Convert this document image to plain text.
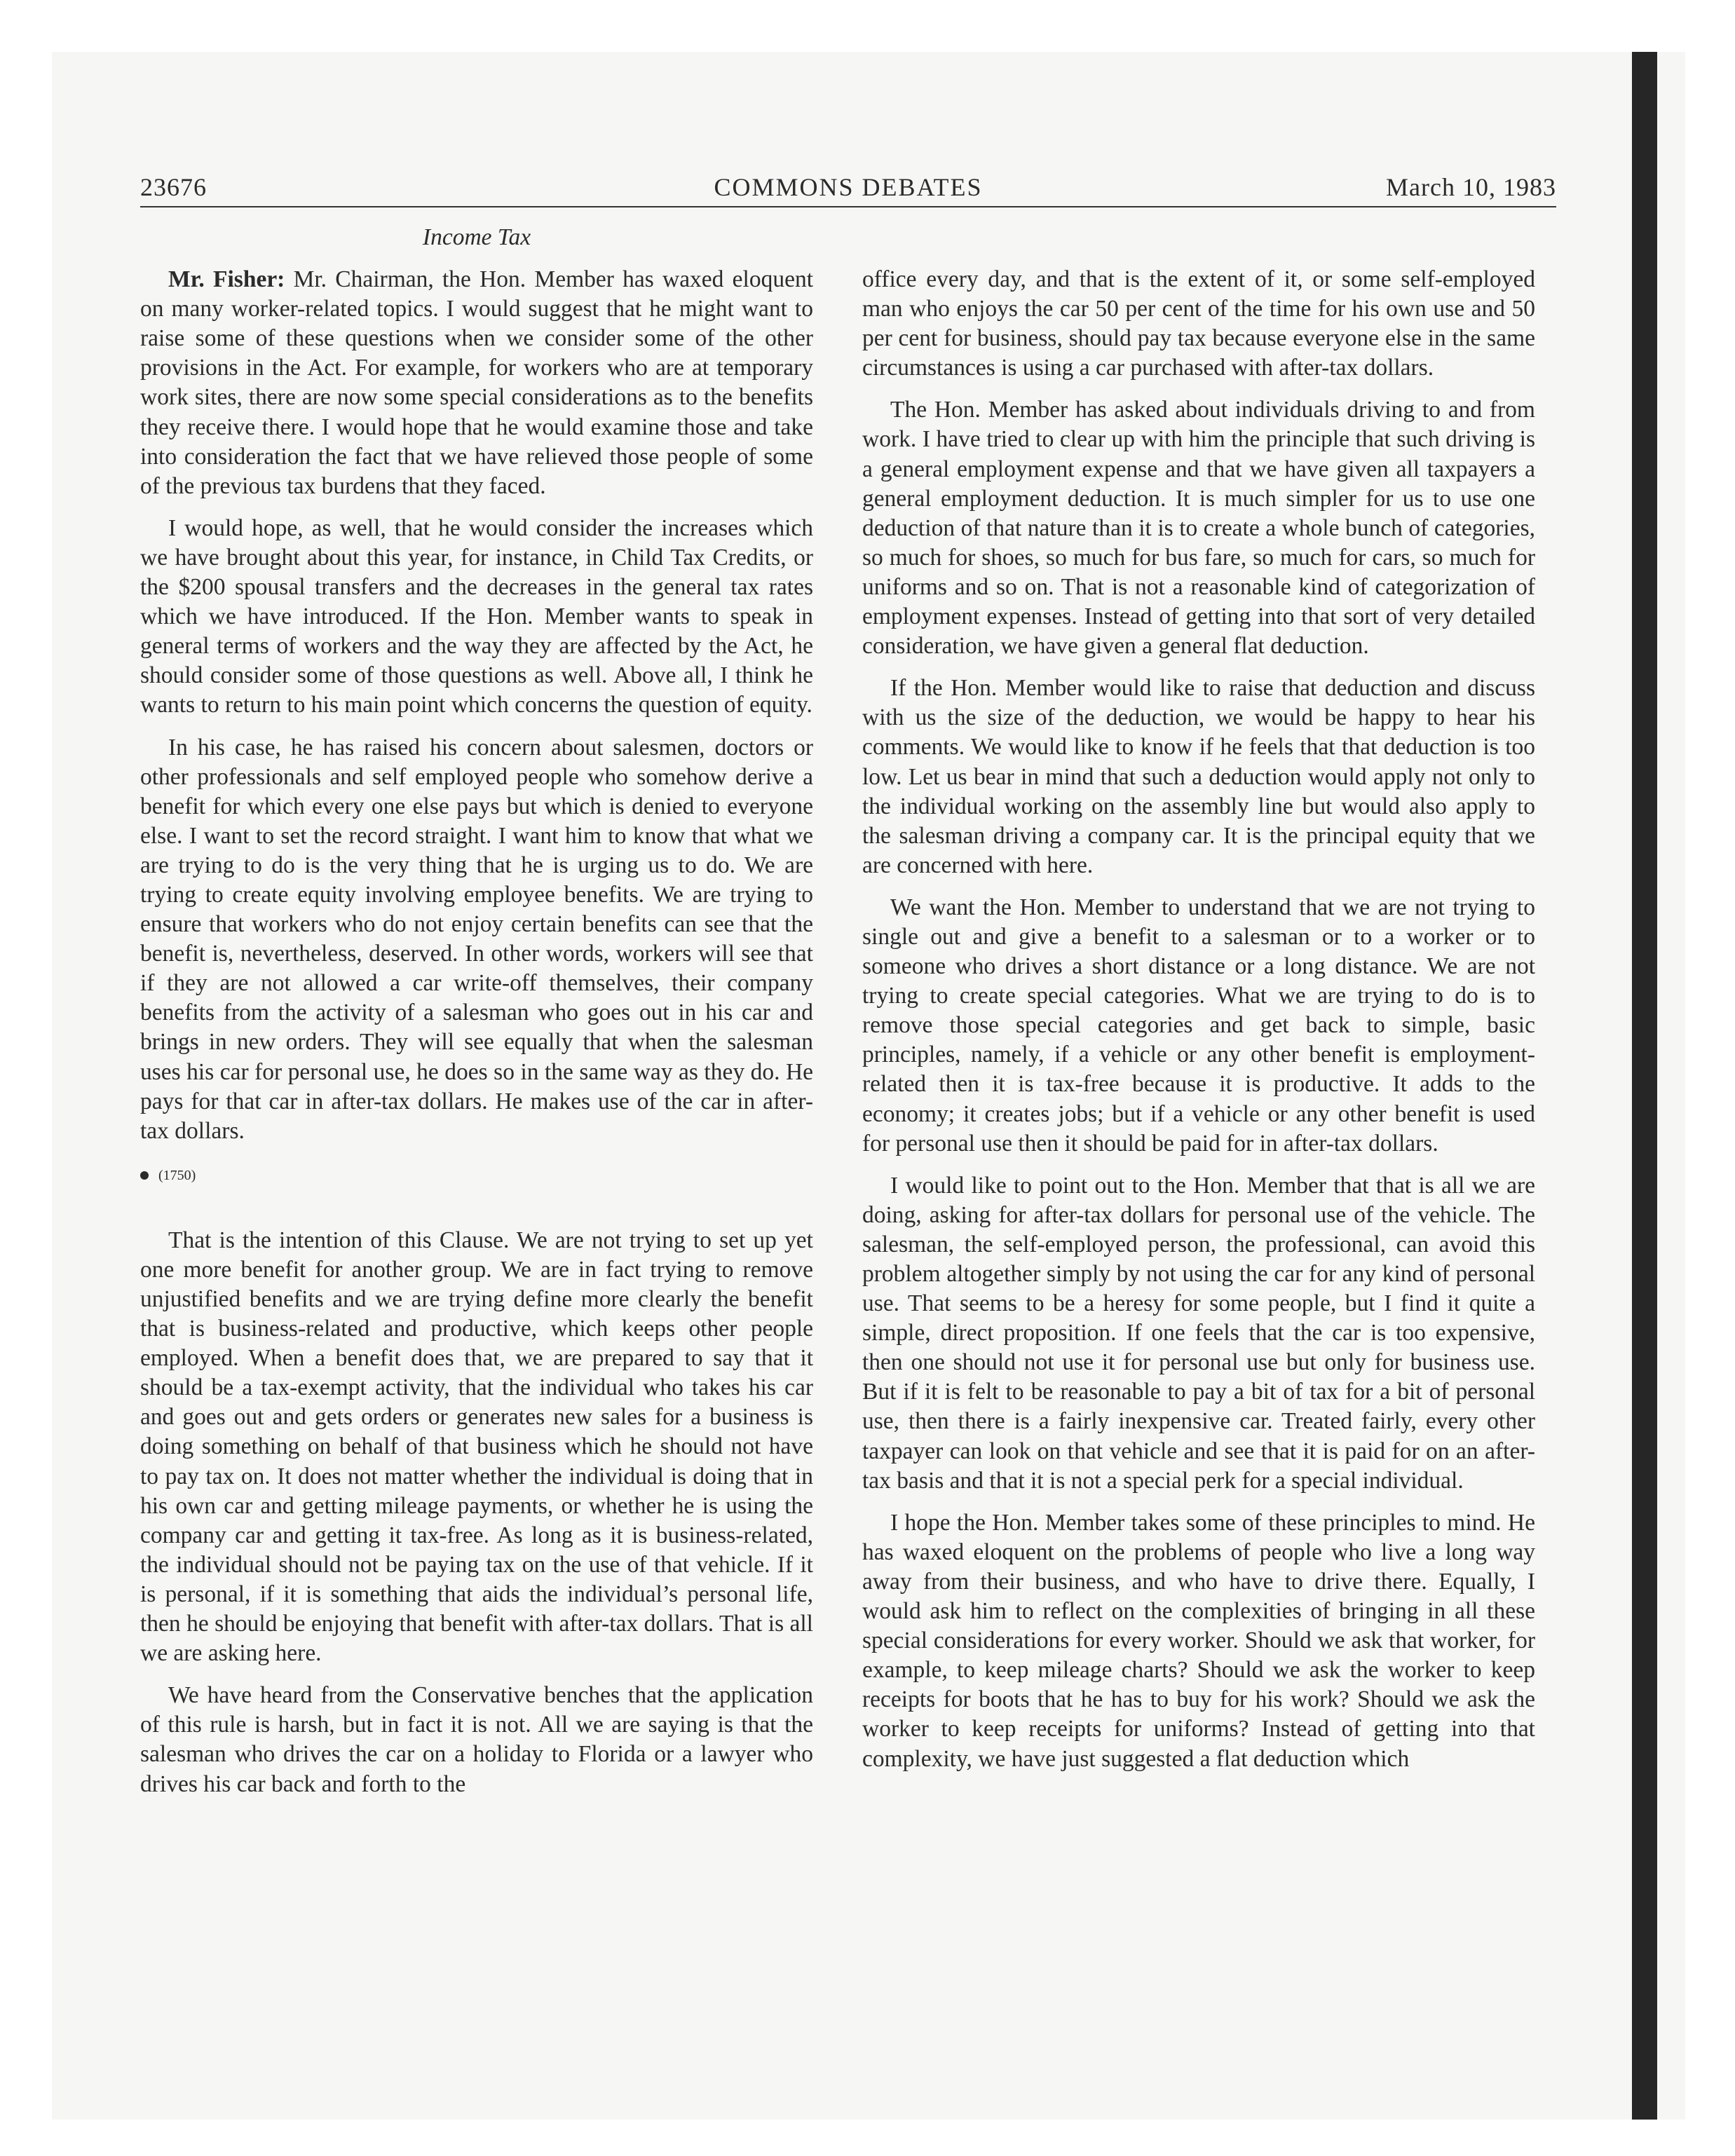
23676	COMMONS DEBATES	March 10, 1983

Income Tax

Mr. Fisher: Mr. Chairman, the Hon. Member has waxed eloquent on many worker-related topics. I would suggest that he might want to raise some of these questions when we consider some of the other provisions in the Act. For example, for workers who are at temporary work sites, there are now some special considerations as to the benefits they receive there. I would hope that he would examine those and take into consideration the fact that we have relieved those people of some of the previous tax burdens that they faced.

I would hope, as well, that he would consider the increases which we have brought about this year, for instance, in Child Tax Credits, or the $200 spousal transfers and the decreases in the general tax rates which we have introduced. If the Hon. Member wants to speak in general terms of workers and the way they are affected by the Act, he should consider some of those questions as well. Above all, I think he wants to return to his main point which concerns the question of equity.

In his case, he has raised his concern about salesmen, doctors or other professionals and self employed people who somehow derive a benefit for which every one else pays but which is denied to everyone else. I want to set the record straight. I want him to know that what we are trying to do is the very thing that he is urging us to do. We are trying to create equity involving employee benefits. We are trying to ensure that workers who do not enjoy certain benefits can see that the benefit is, nevertheless, deserved. In other words, workers will see that if they are not allowed a car write-off themselves, their company benefits from the activity of a salesman who goes out in his car and brings in new orders. They will see equally that when the salesman uses his car for personal use, he does so in the same way as they do. He pays for that car in after-tax dollars. He makes use of the car in after-tax dollars.

(1750)

That is the intention of this Clause. We are not trying to set up yet one more benefit for another group. We are in fact trying to remove unjustified benefits and we are trying define more clearly the benefit that is business-related and productive, which keeps other people employed. When a benefit does that, we are prepared to say that it should be a tax-exempt activity, that the individual who takes his car and goes out and gets orders or generates new sales for a business is doing something on behalf of that business which he should not have to pay tax on. It does not matter whether the individual is doing that in his own car and getting mileage payments, or whether he is using the company car and getting it tax-free. As long as it is business-related, the individual should not be paying tax on the use of that vehicle. If it is personal, if it is something that aids the individual’s personal life, then he should be enjoying that benefit with after-tax dollars. That is all we are asking here.

We have heard from the Conservative benches that the application of this rule is harsh, but in fact it is not. All we are saying is that the salesman who drives the car on a holiday to Florida or a lawyer who drives his car back and forth to the

office every day, and that is the extent of it, or some self-employed man who enjoys the car 50 per cent of the time for his own use and 50 per cent for business, should pay tax because everyone else in the same circumstances is using a car purchased with after-tax dollars.

The Hon. Member has asked about individuals driving to and from work. I have tried to clear up with him the principle that such driving is a general employment expense and that we have given all taxpayers a general employment deduction. It is much simpler for us to use one deduction of that nature than it is to create a whole bunch of categories, so much for shoes, so much for bus fare, so much for cars, so much for uniforms and so on. That is not a reasonable kind of categorization of employment expenses. Instead of getting into that sort of very detailed consideration, we have given a general flat deduction.

If the Hon. Member would like to raise that deduction and discuss with us the size of the deduction, we would be happy to hear his comments. We would like to know if he feels that that deduction is too low. Let us bear in mind that such a deduction would apply not only to the individual working on the assembly line but would also apply to the salesman driving a company car. It is the principal equity that we are concerned with here.

We want the Hon. Member to understand that we are not trying to single out and give a benefit to a salesman or to a worker or to someone who drives a short distance or a long distance. We are not trying to create special categories. What we are trying to do is to remove those special categories and get back to simple, basic principles, namely, if a vehicle or any other benefit is employment-related then it is tax-free because it is productive. It adds to the economy; it creates jobs; but if a vehicle or any other benefit is used for personal use then it should be paid for in after-tax dollars.

I would like to point out to the Hon. Member that that is all we are doing, asking for after-tax dollars for personal use of the vehicle. The salesman, the self-employed person, the professional, can avoid this problem altogether simply by not using the car for any kind of personal use. That seems to be a heresy for some people, but I find it quite a simple, direct proposition. If one feels that the car is too expensive, then one should not use it for personal use but only for business use. But if it is felt to be reasonable to pay a bit of tax for a bit of personal use, then there is a fairly inexpensive car. Treated fairly, every other taxpayer can look on that vehicle and see that it is paid for on an after-tax basis and that it is not a special perk for a special individual.

I hope the Hon. Member takes some of these principles to mind. He has waxed eloquent on the problems of people who live a long way away from their business, and who have to drive there. Equally, I would ask him to reflect on the complexities of bringing in all these special considerations for every worker. Should we ask that worker, for example, to keep mileage charts? Should we ask the worker to keep receipts for boots that he has to buy for his work? Should we ask the worker to keep receipts for uniforms? Instead of getting into that complexity, we have just suggested a flat deduction which
